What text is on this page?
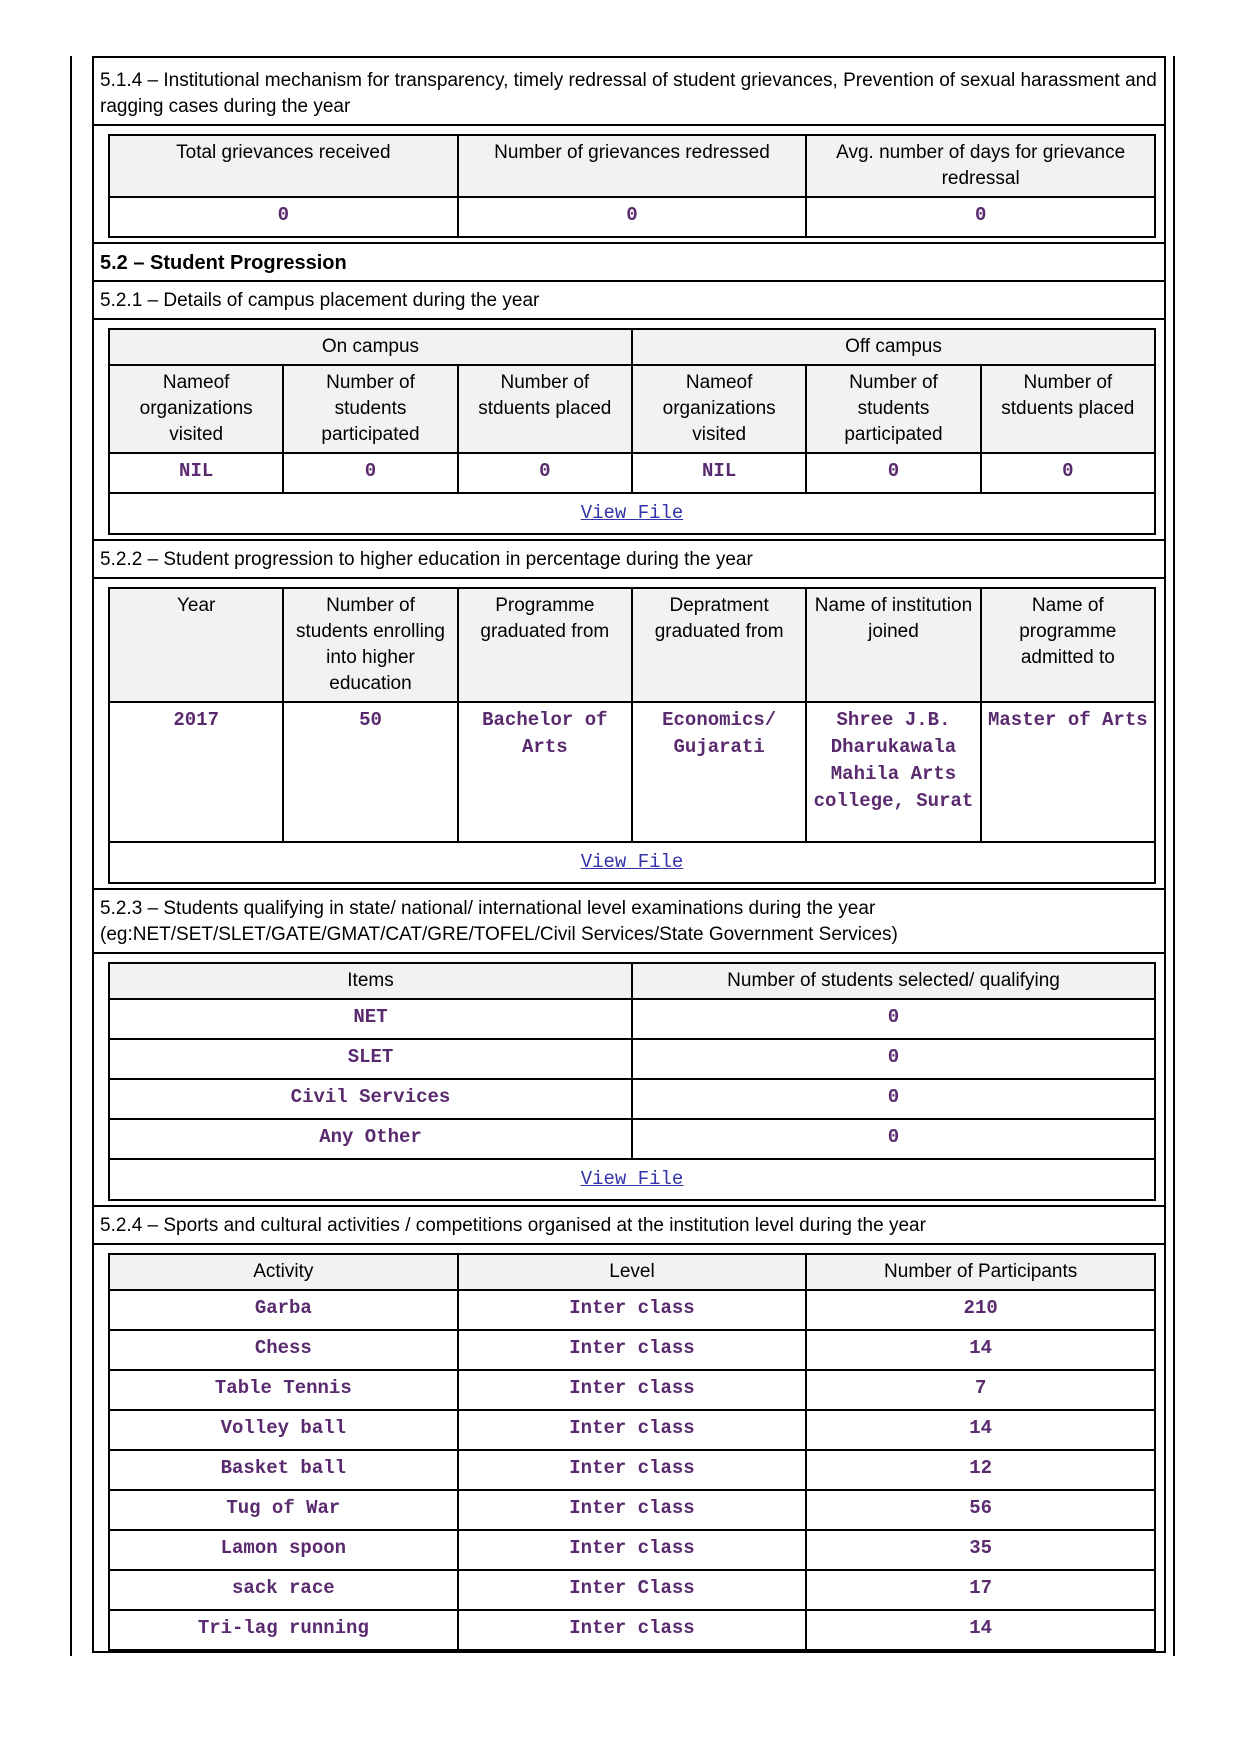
5.1.4 – Institutional mechanism for transparency, timely redressal of student grievances, Prevention of sexual harassment and ragging cases during the year
Total grievances received	Number of grievances redressed	Avg. number of days for grievance redressal
0	0	0
5.2 – Student Progression
5.2.1 – Details of campus placement during the year
On campus			Off campus		
Nameof organizations visited	Number of students participated	Number of stduents placed	Nameof organizations visited	Number of students participated	Number of stduents placed
NIL	0	0	NIL	0	0
View File					
5.2.2 – Student progression to higher education in percentage during the year
Year	Number of students enrolling into higher education	Programme graduated from	Depratment graduated from	Name of institution joined	Name of programme admitted to
2017	50	Bachelor of Arts	Economics/ Gujarati	Shree J.B. Dharukawala Mahila Arts college, Surat	Master of Arts
View File					
5.2.3 – Students qualifying in state/ national/ international level examinations during the year (eg:NET/SET/SLET/GATE/GMAT/CAT/GRE/TOFEL/Civil Services/State Government Services)
Items	Number of students selected/ qualifying
NET	0
SLET	0
Civil Services	0
Any Other	0
View File	
5.2.4 – Sports and cultural activities / competitions organised at the institution level during the year
Activity	Level	Number of Participants
Garba	Inter class	210
Chess	Inter class	14
Table Tennis	Inter class	7
Volley ball	Inter class	14
Basket ball	Inter class	12
Tug of War	Inter class	56
Lamon spoon	Inter class	35
sack race	Inter Class	17
Tri-lag running	Inter class	14
